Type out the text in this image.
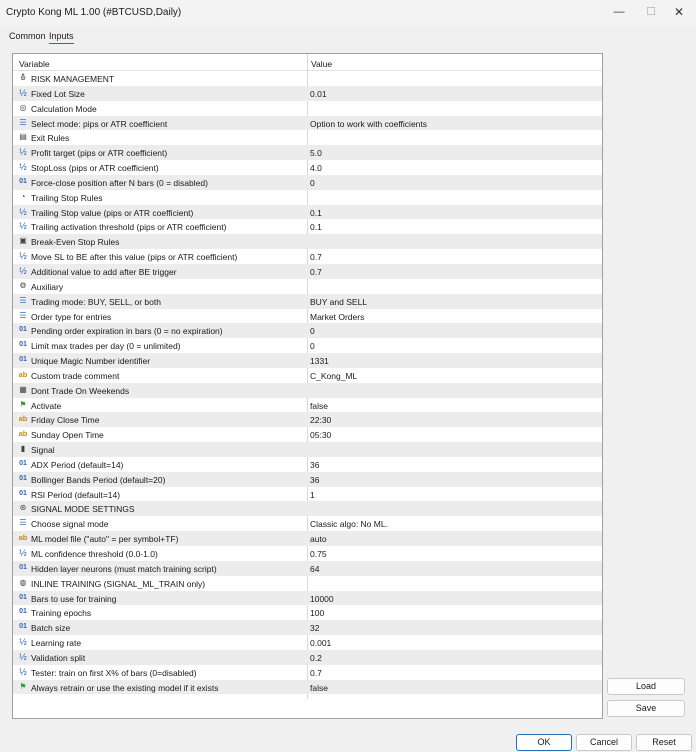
Crypto Kong ML 1.00 (#BTCUSD,Daily)	—	☐	✕
Common Inputs
Variable	Value
⛢ RISK MANAGEMENT
½ Fixed Lot Size	0.01
◎ Calculation Mode
☰ Select mode: pips or ATR coefficient	Option to work with coefficients
▤ Exit Rules
½ Profit target (pips or ATR coefficient)	5.0
½ StopLoss (pips or ATR coefficient)	4.0
01 Force-close position after N bars (0 = disabled)	0
◔ Trailing Stop Rules
½ Trailing Stop value (pips or ATR coefficient)	0.1
½ Trailing activation threshold (pips or ATR coefficient)	0.1
▣ Break-Even Stop Rules
½ Move SL to BE after this value (pips or ATR coefficient)	0.7
½ Additional value to add after BE trigger	0.7
⚙ Auxiliary
☰ Trading mode: BUY, SELL, or both	BUY and SELL
☰ Order type for entries	Market Orders
01 Pending order expiration in bars (0 = no expiration)	0
01 Limit max trades per day (0 = unlimited)	0
01 Unique Magic Number identifier	1331
ab Custom trade comment	C_Kong_ML
▦ Dont Trade On Weekends
⚑ Activate	false
ab Friday Close Time	22:30
ab Sunday Open Time	05:30
▮ Signal
01 ADX Period (default=14)	36
01 Bollinger Bands Period (default=20)	36
01 RSI Period (default=14)	1
⊛ SIGNAL MODE SETTINGS
☰ Choose signal mode	Classic algo: No ML.
ab ML model file ("auto" = per symbol+TF)	auto
½ ML confidence threshold (0.0-1.0)	0.75
01 Hidden layer neurons (must match training script)	64
◍ INLINE TRAINING (SIGNAL_ML_TRAIN only)
01 Bars to use for training	10000
01 Training epochs	100
01 Batch size	32
½ Learning rate	0.001
½ Validation split	0.2
½ Tester: train on first X% of bars (0=disabled)	0.7
⚑ Always retrain or use the existing model if it exists	false	Load
Save
OK	Cancel	Reset
